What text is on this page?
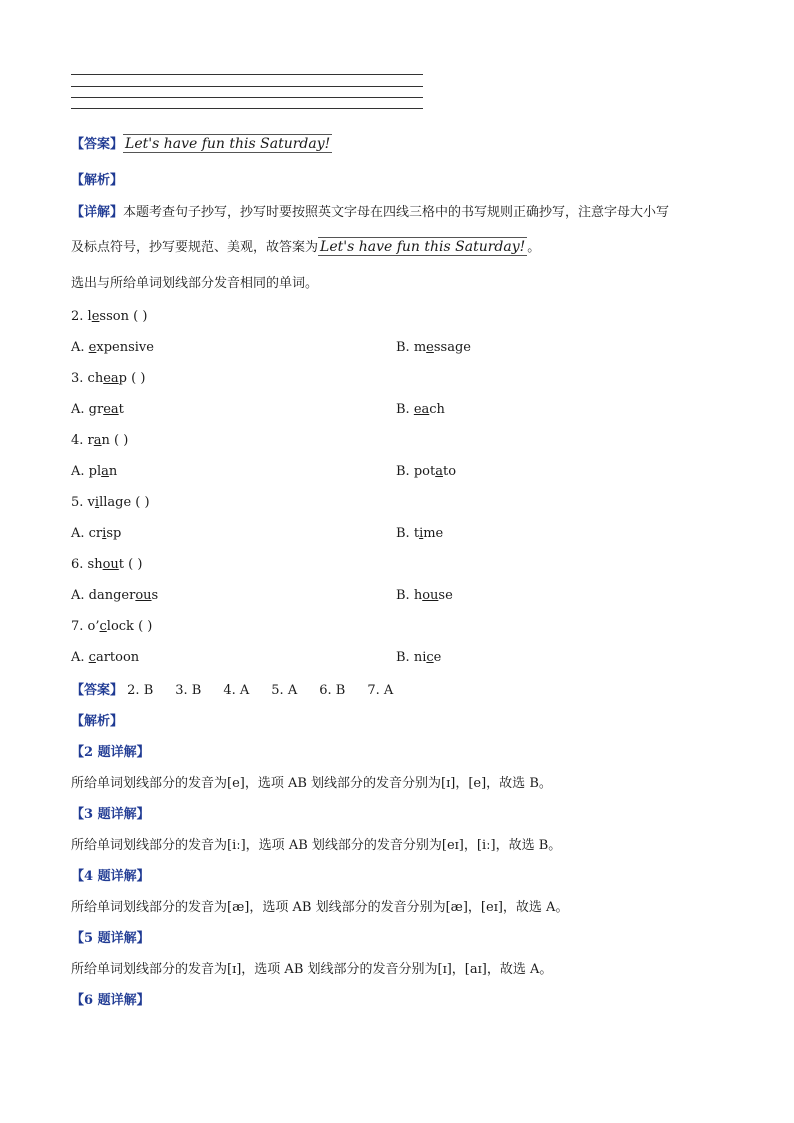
【答案】 Let's have fun this Saturday!
【解析】
【详解】本题考查句子抄写，抄写时要按照英文字母在四线三格中的书写规则正确抄写，注意字母大小写
及标点符号，抄写要规范、美观，故答案为 Let's have fun this Saturday! 。
选出与所给单词划线部分发音相同的单词。
2. lesson ( )
A. expensive	B. message
3. cheap ( )
A. great	B. each
4. ran ( )
A. plan	B. potato
5. village ( )
A. crisp	B. time
6. shout ( )
A. dangerous	B. house
7. o’clock ( )
A. cartoon	B. nice
【答案】 2. B 3. B 4. A 5. A 6. B 7. A
【解析】
【2 题详解】
所给单词划线部分的发音为[e]，选项 AB 划线部分的发音分别为[ɪ]，[e]，故选 B。
【3 题详解】
所给单词划线部分的发音为[iː]，选项 AB 划线部分的发音分别为[eɪ]，[iː]，故选 B。
【4 题详解】
所给单词划线部分的发音为[æ]，选项 AB 划线部分的发音分别为[æ]，[eɪ]，故选 A。
【5 题详解】
所给单词划线部分的发音为[ɪ]，选项 AB 划线部分的发音分别为[ɪ]，[aɪ]，故选 A。
【6 题详解】
